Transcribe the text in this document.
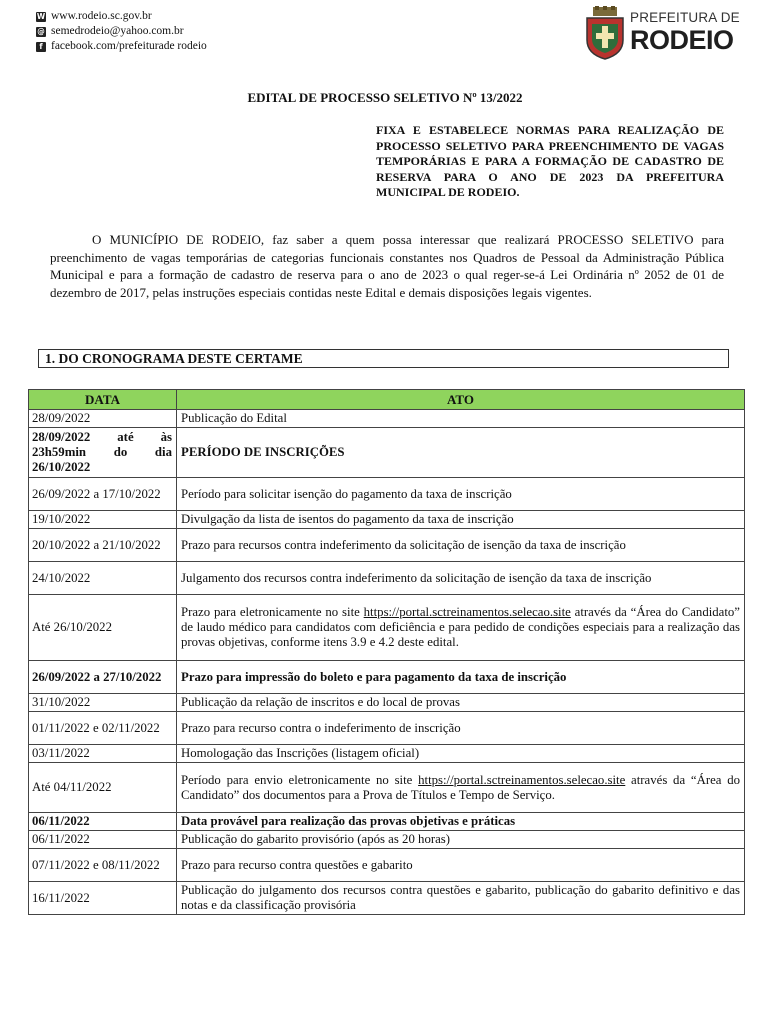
W www.rodeio.sc.gov.br
@ semedrodeio@yahoo.com.br
f facebook.com/prefeiturade rodeio
PREFEITURA DE
RODEIO
EDITAL DE PROCESSO SELETIVO Nº 13/2022
FIXA E ESTABELECE NORMAS PARA REALIZAÇÃO DE PROCESSO SELETIVO PARA PREENCHIMENTO DE VAGAS TEMPORÁRIAS E PARA A FORMAÇÃO DE CADASTRO DE RESERVA PARA O ANO DE 2023 DA PREFEITURA MUNICIPAL DE RODEIO.
O MUNICÍPIO DE RODEIO, faz saber a quem possa interessar que realizará PROCESSO SELETIVO para preenchimento de vagas temporárias de categorias funcionais constantes nos Quadros de Pessoal da Administração Pública Municipal e para a formação de cadastro de reserva para o ano de 2023 o qual reger-se-á Lei Ordinária nº 2052 de 01 de dezembro de 2017, pelas instruções especiais contidas neste Edital e demais disposições legais vigentes.
1. DO CRONOGRAMA DESTE CERTAME
DATA	ATO
28/09/2022	Publicação do Edital
28/09/2022 até às 23h59min do dia 26/10/2022	PERÍODO DE INSCRIÇÕES
26/09/2022 a 17/10/2022	Período para solicitar isenção do pagamento da taxa de inscrição
19/10/2022	Divulgação da lista de isentos do pagamento da taxa de inscrição
20/10/2022 a 21/10/2022	Prazo para recursos contra indeferimento da solicitação de isenção da taxa de inscrição
24/10/2022	Julgamento dos recursos contra indeferimento da solicitação de isenção da taxa de inscrição
Até 26/10/2022	Prazo para eletronicamente no site https://portal.sctreinamentos.selecao.site através da “Área do Candidato” de laudo médico para candidatos com deficiência e para pedido de condições especiais para a realização das provas objetivas, conforme itens 3.9 e 4.2 deste edital.
26/09/2022 a 27/10/2022	Prazo para impressão do boleto e para pagamento da taxa de inscrição
31/10/2022	Publicação da relação de inscritos e do local de provas
01/11/2022 e 02/11/2022	Prazo para recurso contra o indeferimento de inscrição
03/11/2022	Homologação das Inscrições (listagem oficial)
Até 04/11/2022	Período para envio eletronicamente no site https://portal.sctreinamentos.selecao.site através da “Área do Candidato” dos documentos para a Prova de Títulos e Tempo de Serviço.
06/11/2022	Data provável para realização das provas objetivas e práticas
06/11/2022	Publicação do gabarito provisório (após as 20 horas)
07/11/2022 e 08/11/2022	Prazo para recurso contra questões e gabarito
16/11/2022	Publicação do julgamento dos recursos contra questões e gabarito, publicação do gabarito definitivo e das notas e da classificação provisória
